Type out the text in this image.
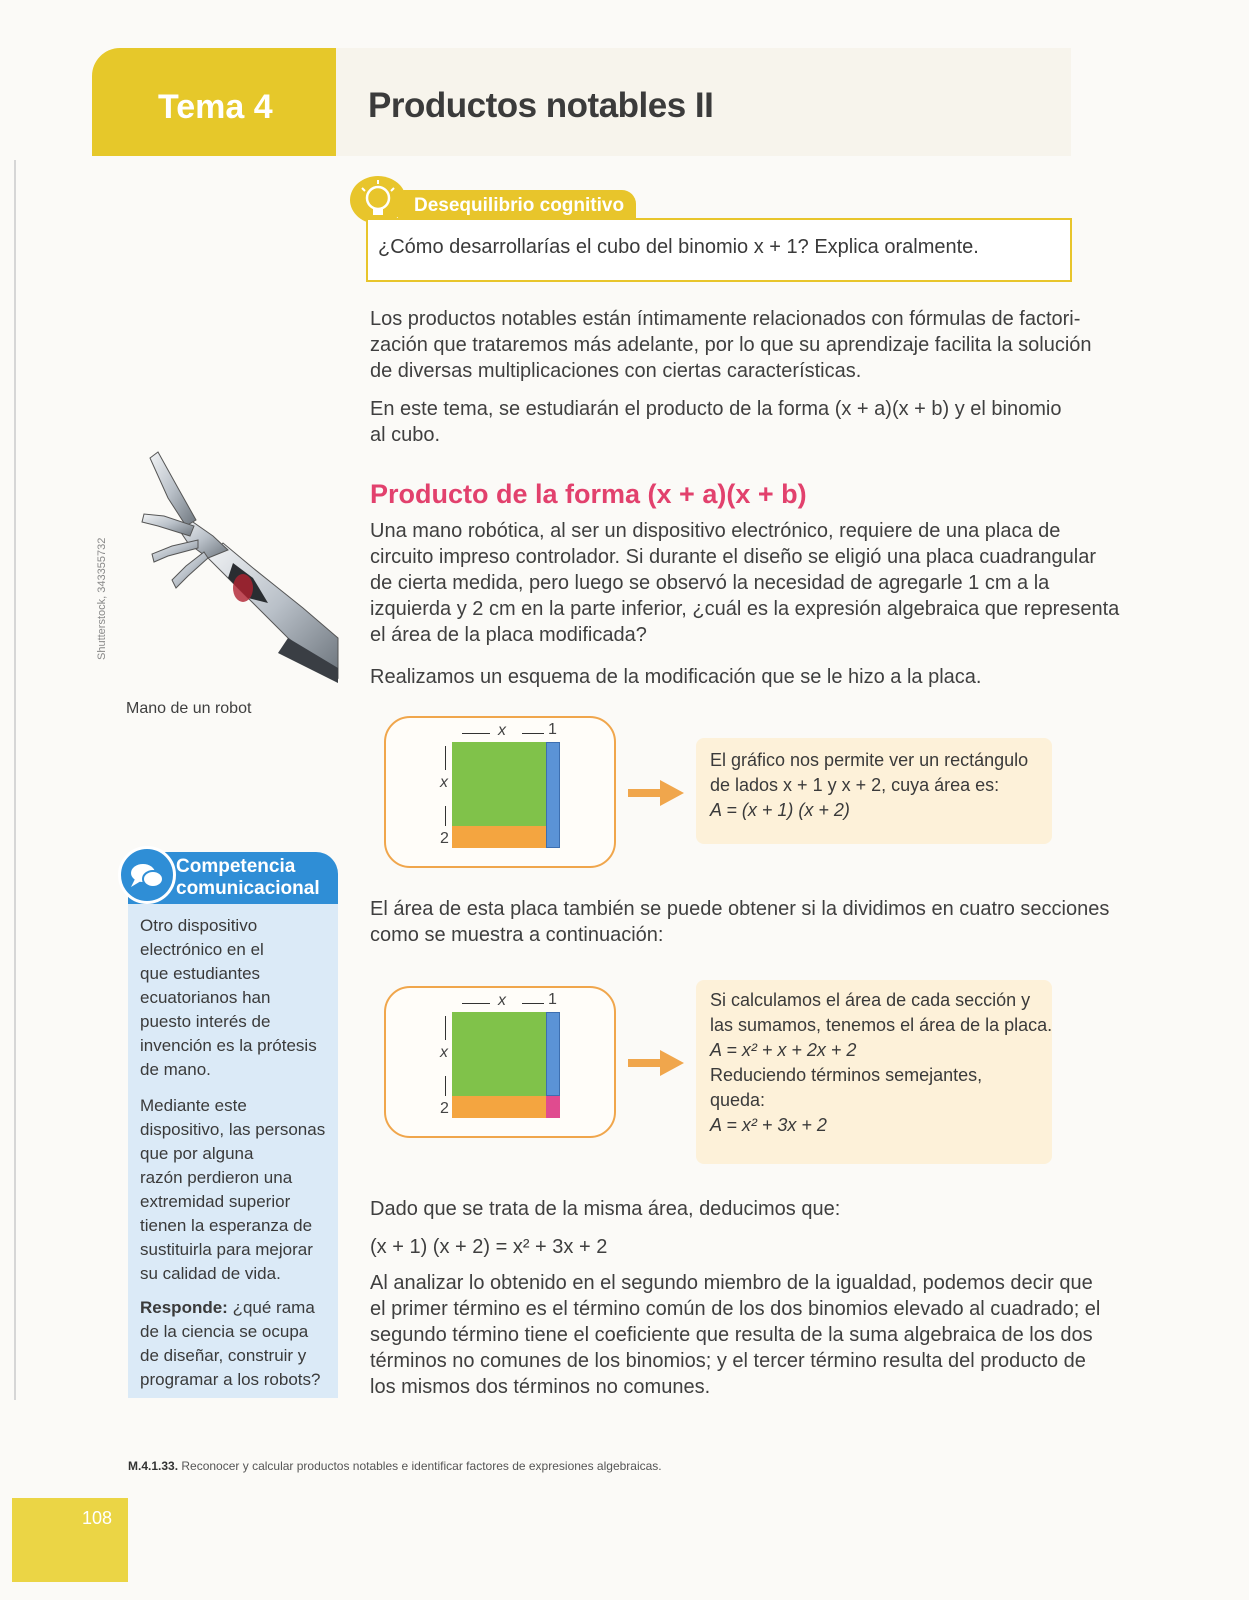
Tema 4	Productos notables II
Desequilibrio cognitivo
¿Cómo desarrollarías el cubo del binomio x + 1? Explica oralmente.
Los productos notables están íntimamente relacionados con fórmulas de factori-
zación que trataremos más adelante, por lo que su aprendizaje facilita la solución
de diversas multiplicaciones con ciertas características.
En este tema, se estudiarán el producto de la forma (x + a)(x + b) y el binomio
al cubo.
Producto de la forma (x + a)(x + b)
Una mano robótica, al ser un dispositivo electrónico, requiere de una placa de
circuito impreso controlador. Si durante el diseño se eligió una placa cuadrangular
de cierta medida, pero luego se observó la necesidad de agregarle 1 cm a la
izquierda y 2 cm en la parte inferior, ¿cuál es la expresión algebraica que representa
el área de la placa modificada?
Realizamos un esquema de la modificación que se le hizo a la placa.
Shutterstock, 343355732
Mano de un robot
x	1
x
2
El gráfico nos permite ver un rectángulo
de lados x + 1 y x + 2, cuya área es:
A = (x + 1) (x + 2)
El área de esta placa también se puede obtener si la dividimos en cuatro secciones
como se muestra a continuación:
x	1
x
2
Si calculamos el área de cada sección y
las sumamos, tenemos el área de la placa.
A = x² + x + 2x + 2
Reduciendo términos semejantes,
queda:
A = x² + 3x + 2
Dado que se trata de la misma área, deducimos que:
(x + 1) (x + 2) = x² + 3x + 2
Al analizar lo obtenido en el segundo miembro de la igualdad, podemos decir que
el primer término es el término común de los dos binomios elevado al cuadrado; el
segundo término tiene el coeficiente que resulta de la suma algebraica de los dos
términos no comunes de los binomios; y el tercer término resulta del producto de
los mismos dos términos no comunes.
Competencia
comunicacional
Otro dispositivo
electrónico en el
que estudiantes
ecuatorianos han
puesto interés de
invención es la prótesis
de mano.
Mediante este
dispositivo, las personas
que por alguna
razón perdieron una
extremidad superior
tienen la esperanza de
sustituirla para mejorar
su calidad de vida.
Responde: ¿qué rama
de la ciencia se ocupa
de diseñar, construir y
programar a los robots?
M.4.1.33. Reconocer y calcular productos notables e identificar factores de expresiones algebraicas.
108
